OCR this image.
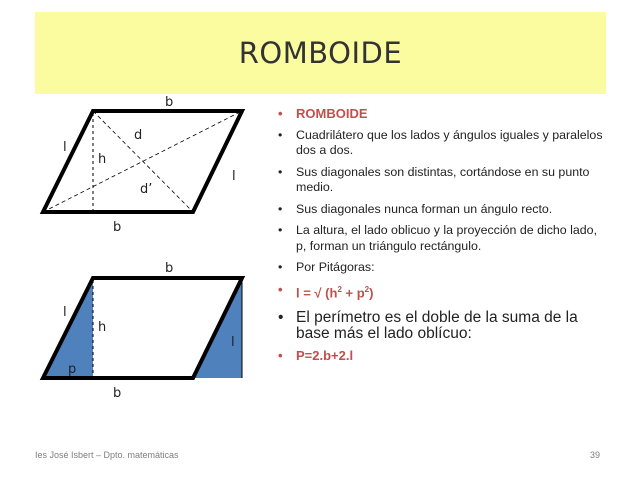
ROMBOIDE
b
b
l
l
h
d
d’
b
b
l
l
h
p
• ROMBOIDE
• Cuadrilátero que los lados y ángulos iguales y paralelos dos a dos.
• Sus diagonales son distintas, cortándose en su punto medio.
• Sus diagonales nunca forman un ángulo recto.
• La altura, el lado oblicuo y la proyección de dicho lado, p, forman un triángulo rectángulo.
• Por Pitágoras:
• l = √ $(h^2 + p^2)$
• El perímetro es el doble de la suma de la base más el lado oblícuo:
• P=2.b+2.l
Ies José Isbert – Dpto. matemáticas	39
